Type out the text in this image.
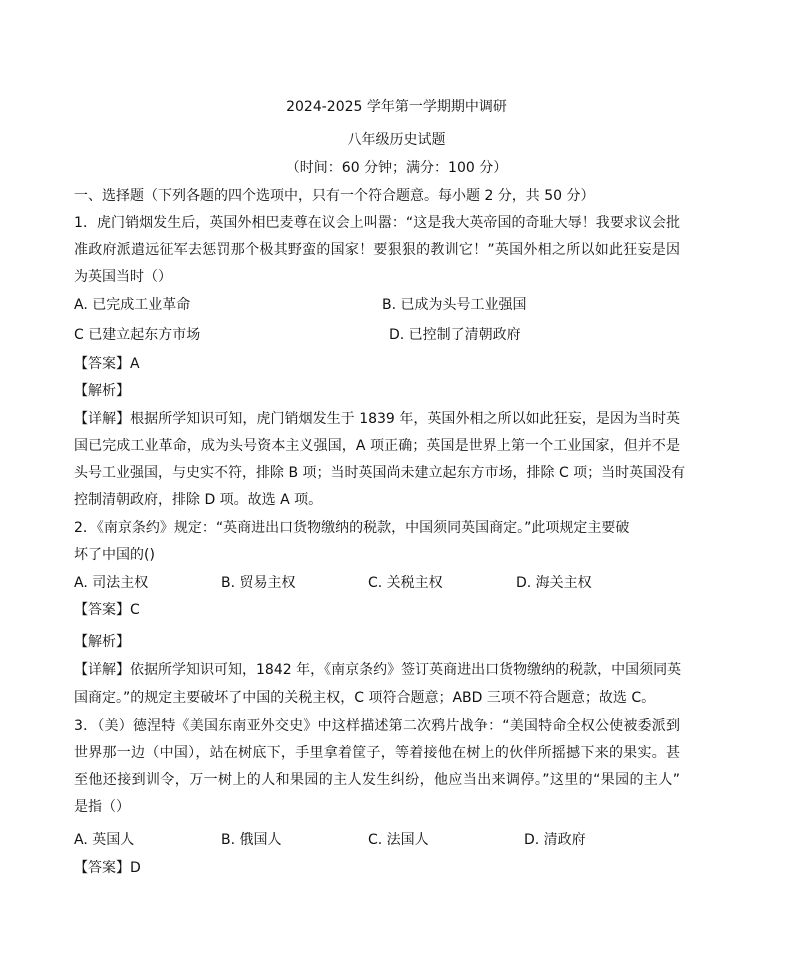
2024-2025 学年第一学期期中调研
八年级历史试题
（时间：60 分钟；满分：100 分）
一、选择题（下列各题的四个选项中，只有一个符合题意。每小题 2 分，共 50 分）
1．虎门销烟发生后，英国外相巴麦尊在议会上叫嚣：“这是我大英帝国的奇耻大辱！我要求议会批
准政府派遣远征军去惩罚那个极其野蛮的国家！要狠狠的教训它！”英国外相之所以如此狂妄是因
为英国当时（）
A. 已完成工业革命	B. 已成为头号工业强国
C 已建立起东方市场	D. 已控制了清朝政府
【答案】A
【解析】
【详解】根据所学知识可知，虎门销烟发生于 1839 年，英国外相之所以如此狂妄，是因为当时英
国已完成工业革命，成为头号资本主义强国，A 项正确；英国是世界上第一个工业国家，但并不是
头号工业强国，与史实不符，排除 B 项；当时英国尚未建立起东方市场，排除 C 项；当时英国没有
控制清朝政府，排除 D 项。故选 A 项。
2．《南京条约》规定：“英商进出口货物缴纳的税款，中国须同英国商定。”此项规定主要破
坏了中国的()
A. 司法主权	B. 贸易主权	C. 关税主权	D. 海关主权
【答案】C
【解析】
【详解】依据所学知识可知，1842 年，《南京条约》签订英商进出口货物缴纳的税款，中国须同英
国商定。”的规定主要破坏了中国的关税主权，C 项符合题意；ABD 三项不符合题意；故选 C。
3．（美）德涅特《美国东南亚外交史》中这样描述第二次鸦片战争：“美国特命全权公使被委派到
世界那一边（中国），站在树底下，手里拿着筐子，等着接他在树上的伙伴所摇撼下来的果实。甚
至他还接到训令，万一树上的人和果园的主人发生纠纷，他应当出来调停。”这里的“果园的主人”
是指（）
A. 英国人	B. 俄国人	C. 法国人	D. 清政府
【答案】D
